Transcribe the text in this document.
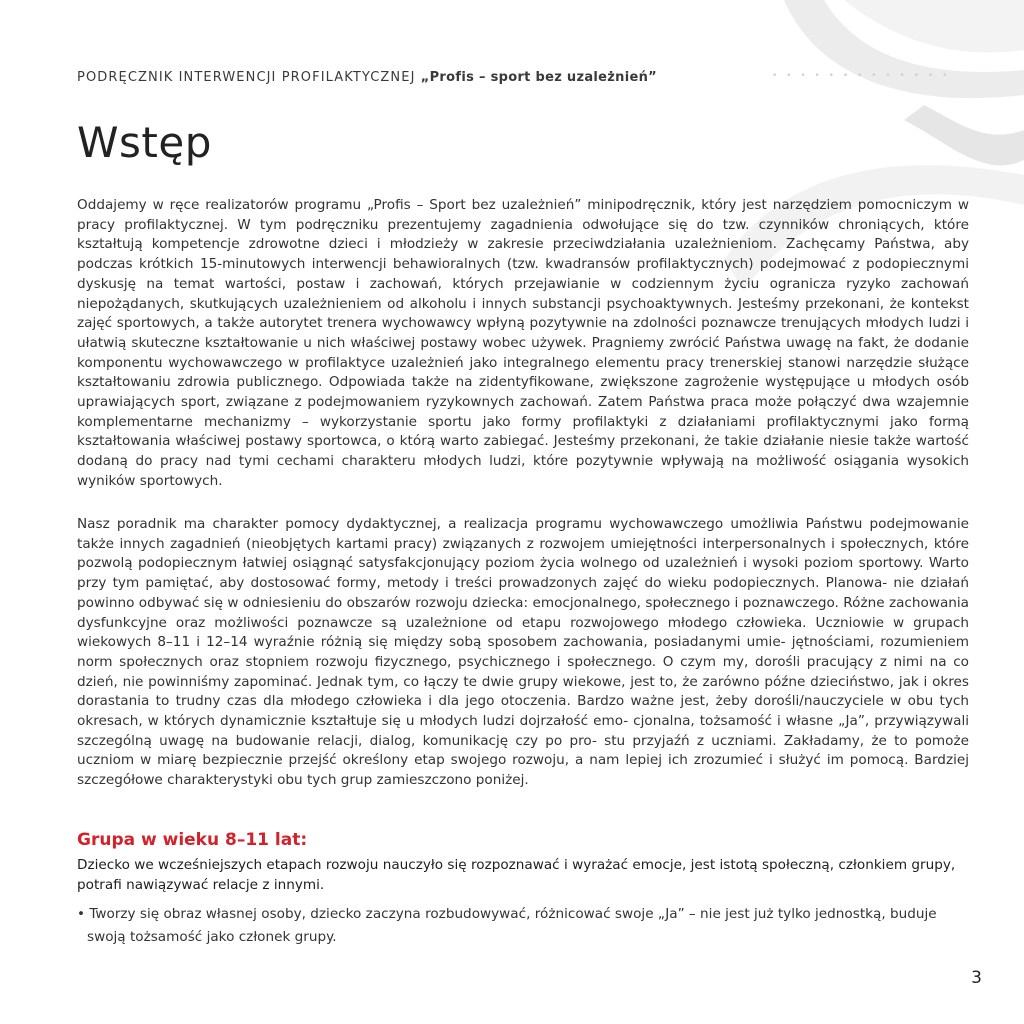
PODRĘCZNIK INTERWENCJI PROFILAKTYCZNEJ „Profis – sport bez uzależnień”	• • • • • • • • • • • • •
Wstęp

Oddajemy w ręce realizatorów programu „Profis – Sport bez uzależnień” minipodręcznik, który jest narzędziem pomocniczym w pracy profilaktycznej. W tym podręczniku prezentujemy zagadnienia odwołujące się do tzw. czynników chroniących, które kształtują kompetencje zdrowotne dzieci i młodzieży w zakresie przeciwdziałania uzależnieniom. Zachęcamy Państwa, aby podczas krótkich 15-minutowych interwencji behawioralnych (tzw. kwadransów profilaktycznych) podejmować z podopiecznymi dyskusję na temat wartości, postaw i zachowań, których przejawianie w codziennym życiu ogranicza ryzyko zachowań niepożądanych, skutkujących uzależnieniem od alkoholu i innych substancji psychoaktywnych. Jesteśmy przekonani, że kontekst zajęć sportowych, a także autorytet trenera wychowawcy wpłyną pozytywnie na zdolności poznawcze trenujących młodych ludzi i ułatwią skuteczne kształtowanie u nich właściwej postawy wobec używek. Pragniemy zwrócić Państwa uwagę na fakt, że dodanie komponentu wychowawczego w profilaktyce uzależnień jako integralnego elementu pracy trenerskiej stanowi narzędzie służące kształtowaniu zdrowia publicznego. Odpowiada także na zidentyfikowane, zwiększone zagrożenie występujące u młodych osób uprawiających sport, związane z podejmowaniem ryzykownych zachowań. Zatem Państwa praca może połączyć dwa wzajemnie komplementarne mechanizmy – wykorzystanie sportu jako formy profilaktyki z działaniami profilaktycznymi jako formą kształtowania właściwej postawy sportowca, o którą warto zabiegać. Jesteśmy przekonani, że takie działanie niesie także wartość dodaną do pracy nad tymi cechami charakteru młodych ludzi, które pozytywnie wpływają na możliwość osiągania wysokich wyników sportowych.

Nasz poradnik ma charakter pomocy dydaktycznej, a realizacja programu wychowawczego umożliwia Państwu podejmowanie także innych zagadnień (nieobjętych kartami pracy) związanych z rozwojem umiejętności interpersonalnych i społecznych, które pozwolą podopiecznym łatwiej osiągnąć satysfakcjonujący poziom życia wolnego od uzależnień i wysoki poziom sportowy. Warto przy tym pamiętać, aby dostosować formy, metody i treści prowadzonych zajęć do wieku podopiecznych. Planowa- nie działań powinno odbywać się w odniesieniu do obszarów rozwoju dziecka: emocjonalnego, społecznego i poznawczego. Różne zachowania dysfunkcyjne oraz możliwości poznawcze są uzależnione od etapu rozwojowego młodego człowieka. Uczniowie w grupach wiekowych 8–11 i 12–14 wyraźnie różnią się między sobą sposobem zachowania, posiadanymi umie- jętnościami, rozumieniem norm społecznych oraz stopniem rozwoju fizycznego, psychicznego i społecznego. O czym my, dorośli pracujący z nimi na co dzień, nie powinniśmy zapominać. Jednak tym, co łączy te dwie grupy wiekowe, jest to, że zarówno późne dzieciństwo, jak i okres dorastania to trudny czas dla młodego człowieka i dla jego otoczenia. Bardzo ważne jest, żeby dorośli/nauczyciele w obu tych okresach, w których dynamicznie kształtuje się u młodych ludzi dojrzałość emo- cjonalna, tożsamość i własne „Ja”, przywiązywali szczególną uwagę na budowanie relacji, dialog, komunikację czy po pro- stu przyjaźń z uczniami. Zakładamy, że to pomoże uczniom w miarę bezpiecznie przejść określony etap swojego rozwoju, a nam lepiej ich zrozumieć i służyć im pomocą. Bardziej szczegółowe charakterystyki obu tych grup zamieszczono poniżej.

Grupa w wieku 8–11 lat:

Dziecko we wcześniejszych etapach rozwoju nauczyło się rozpoznawać i wyrażać emocje, jest istotą społeczną, członkiem grupy, potrafi nawiązywać relacje z innymi.

• Tworzy się obraz własnej osoby, dziecko zaczyna rozbudowywać, różnicować swoje „Ja” – nie jest już tylko jednostką, buduje swoją tożsamość jako członek grupy.
3
